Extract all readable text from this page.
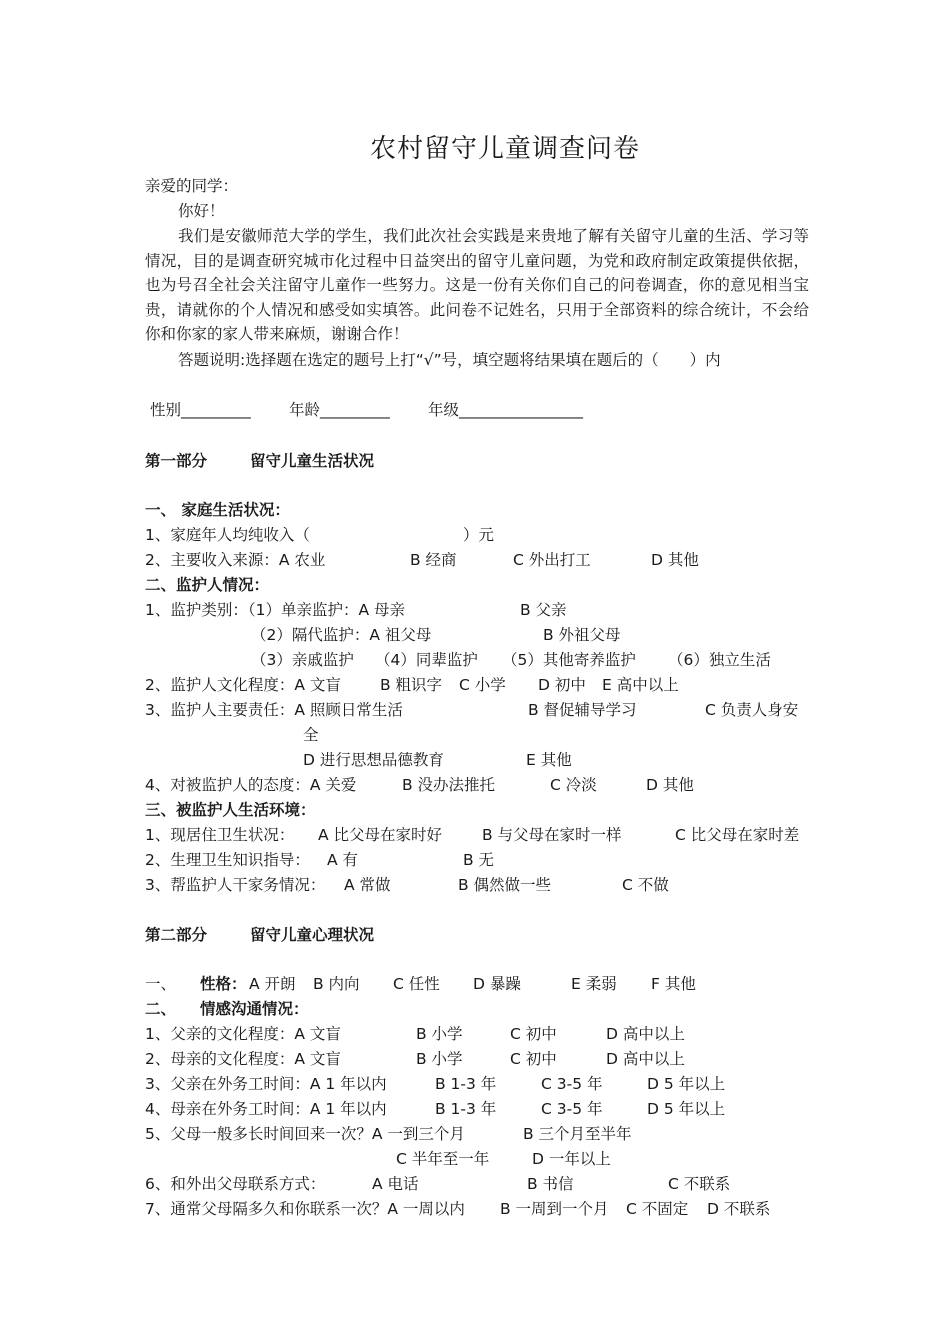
农村留守儿童调查问卷
亲爱的同学：
你好！
我们是安徽师范大学的学生，我们此次社会实践是来贵地了解有关留守儿童的生活、学习等情况，目的是调查研究城市化过程中日益突出的留守儿童问题，为党和政府制定政策提供依据，也为号召全社会关注留守儿童作一些努力。这是一份有关你们自己的问卷调查，你的意见相当宝贵，请就你的个人情况和感受如实填答。此问卷不记姓名，只用于全部资料的综合统计，不会给你和你家的家人带来麻烦，谢谢合作！
答题说明:选择题在选定的题号上打“√”号，填空题将结果填在题后的（　　）内
性别_________ 年龄_________ 年级________________
第一部分	留守儿童生活状况
一、 家庭生活状况：
1、家庭年人均纯收入（	）元
2、主要收入来源：A 农业	B 经商	C 外出打工	D 其他
二、监护人情况：
1、监护类别：（1）单亲监护：A 母亲	B 父亲
（2）隔代监护：A 祖父母	B 外祖父母
（3）亲戚监护 （4）同辈监护 （5）其他寄养监护 （6）独立生活
2、监护人文化程度：A 文盲	B 粗识字 C 小学 D 初中 E 高中以上
3、监护人主要责任：A 照顾日常生活	B 督促辅导学习	C 负责人身安
全
D 进行思想品德教育	E 其他
4、对被监护人的态度：A 关爱	B 没办法推托	C 冷淡	D 其他
三、被监护人生活环境：
1、现居住卫生状况： A 比父母在家时好	B 与父母在家时一样	C 比父母在家时差
2、生理卫生知识指导： A 有	B 无
3、帮监护人干家务情况： A 常做	B 偶然做一些	C 不做
第二部分	留守儿童心理状况
一、 性格： A 开朗 B 内向 C 任性 D 暴躁	E 柔弱 F 其他
二、 情感沟通情况：
1、父亲的文化程度：A 文盲	B 小学	C 初中	D 高中以上
2、母亲的文化程度：A 文盲	B 小学	C 初中	D 高中以上
3、父亲在外务工时间：A 1 年以内	B 1-3 年	C 3-5 年	D 5 年以上
4、母亲在外务工时间：A 1 年以内	B 1-3 年	C 3-5 年	D 5 年以上
5、父母一般多长时间回来一次？A 一到三个月	B 三个月至半年
C 半年至一年	D 一年以上
6、和外出父母联系方式：	A 电话	B 书信	C 不联系
7、通常父母隔多久和你联系一次？A 一周以内 B 一周到一个月 C 不固定 D 不联系
